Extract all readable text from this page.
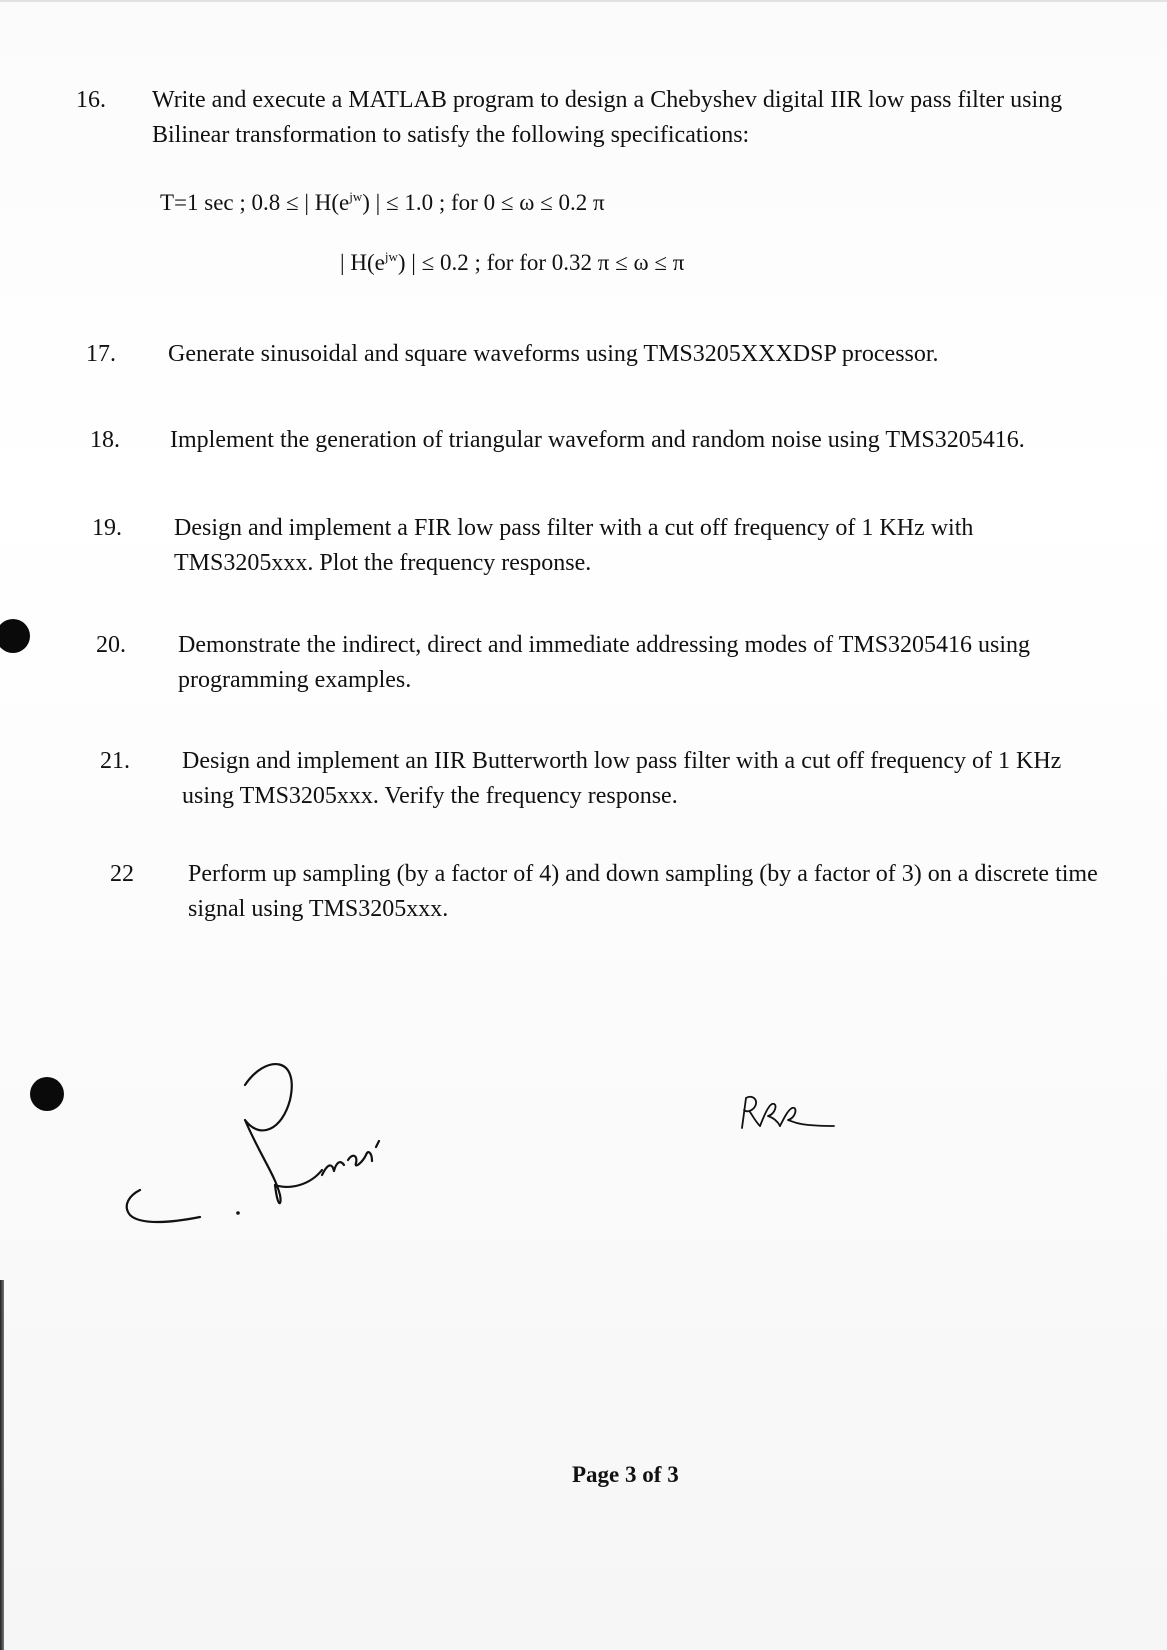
16.	Write and execute a MATLAB program to design a Chebyshev digital IIR low pass filter using
Bilinear transformation to satisfy the following specifications:
T=1 sec ; 0.8 ≤ | $H(e^{jw})$ | ≤ 1.0 ; for 0 ≤ ω ≤ 0.2 π
| $H(e^{jw})$ | ≤ 0.2 ; for for 0.32 π ≤ ω ≤ π
17.	Generate sinusoidal and square waveforms using TMS3205XXXDSP processor.
18.	Implement the generation of triangular waveform and random noise using TMS3205416.
19.	Design and implement a FIR low pass filter with a cut off frequency of 1 KHz with
TMS3205xxx. Plot the frequency response.
20.	Demonstrate the indirect, direct and immediate addressing modes of TMS3205416 using
programming examples.
21.	Design and implement an IIR Butterworth low pass filter with a cut off frequency of 1 KHz
using TMS3205xxx. Verify the frequency response.
22	Perform up sampling (by a factor of 4) and down sampling (by a factor of 3) on a discrete time
signal using TMS3205xxx.
Page 3 of 3
